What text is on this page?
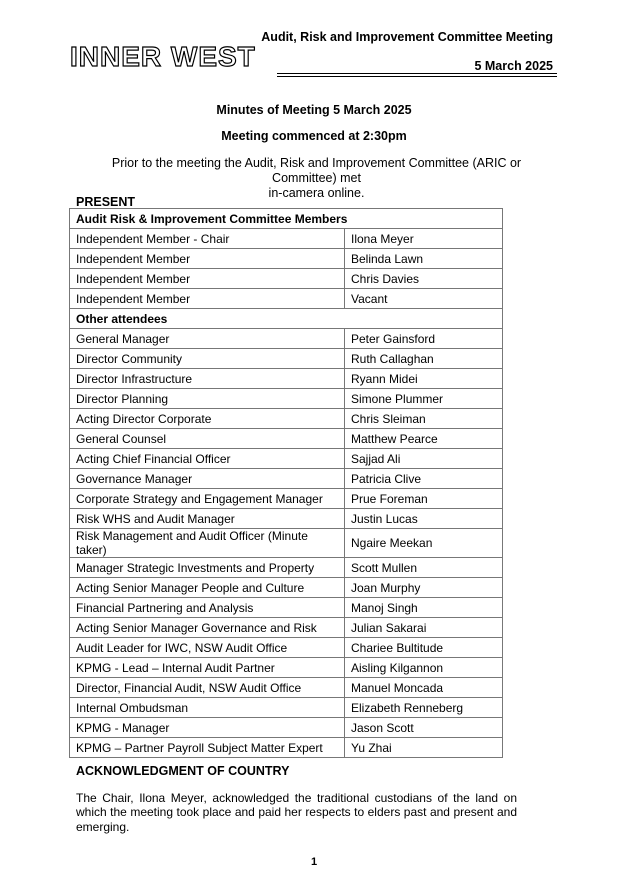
INNER WEST
Audit, Risk and Improvement Committee Meeting
5 March 2025
Minutes of Meeting 5 March 2025
Meeting commenced at 2:30pm
Prior to the meeting the Audit, Risk and Improvement Committee (ARIC or Committee) met
in-camera online.
PRESENT
Audit Risk & Improvement Committee Members	
Independent Member - Chair	Ilona Meyer
Independent Member	Belinda Lawn
Independent Member	Chris Davies
Independent Member	Vacant
Other attendees	
General Manager	Peter Gainsford
Director Community	Ruth Callaghan
Director Infrastructure	Ryann Midei
Director Planning	Simone Plummer
Acting Director Corporate	Chris Sleiman
General Counsel	Matthew Pearce
Acting Chief Financial Officer	Sajjad Ali
Governance Manager	Patricia Clive
Corporate Strategy and Engagement Manager	Prue Foreman
Risk WHS and Audit Manager	Justin Lucas
Risk Management and Audit Officer (Minute taker)	Ngaire Meekan
Manager Strategic Investments and Property	Scott Mullen
Acting Senior Manager People and Culture	Joan Murphy
Financial Partnering and Analysis	Manoj Singh
Acting Senior Manager Governance and Risk	Julian Sakarai
Audit Leader for IWC, NSW Audit Office	Chariee Bultitude
KPMG - Lead – Internal Audit Partner	Aisling Kilgannon
Director, Financial Audit, NSW Audit Office	Manuel Moncada
Internal Ombudsman	Elizabeth Renneberg
KPMG - Manager	Jason Scott
KPMG – Partner Payroll Subject Matter Expert	Yu Zhai
ACKNOWLEDGMENT OF COUNTRY
The Chair, Ilona Meyer, acknowledged the traditional custodians of the land on which the meeting took place and paid her respects to elders past and present and emerging.
1
